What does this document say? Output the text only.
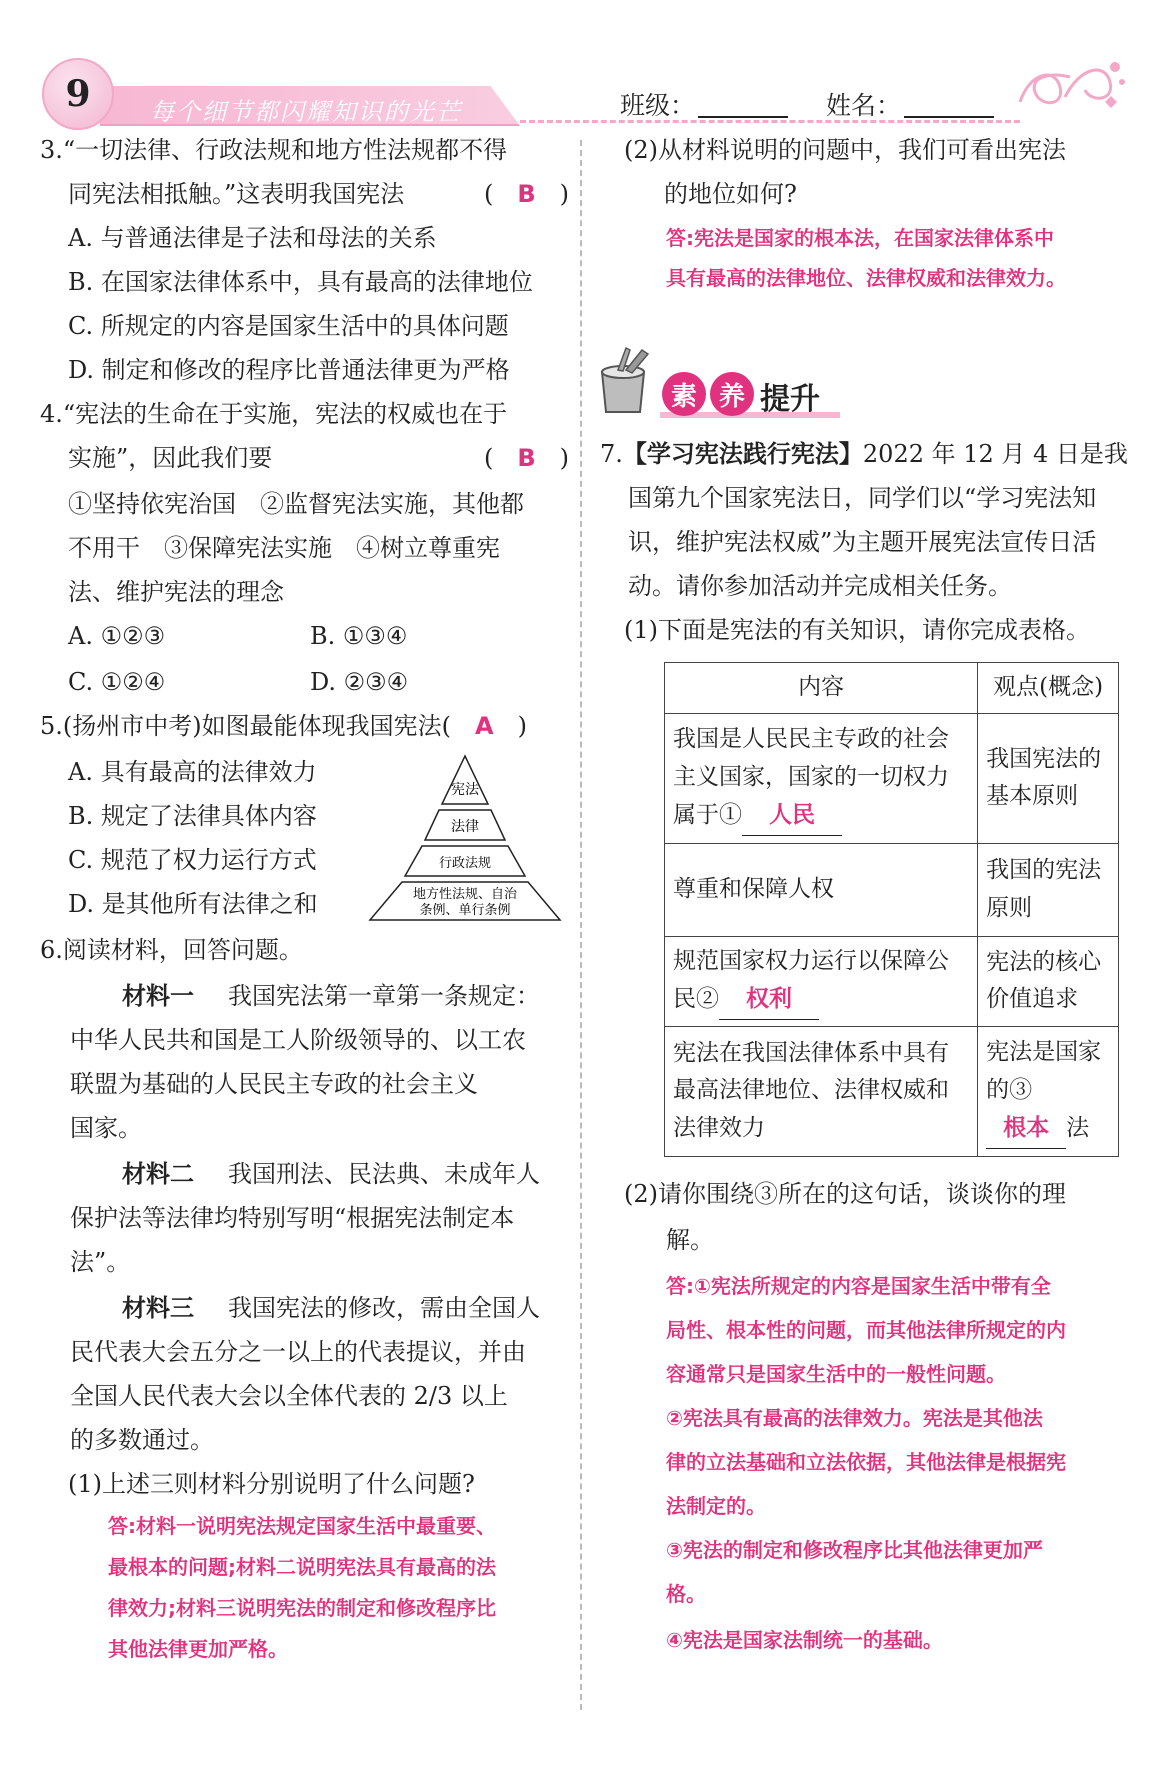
9	每个细节都闪耀知识的光芒	班级：	姓名：
3.“一切法律、行政法规和地方性法规都不得
同宪法相抵触。”这表明我国宪法	(　B　)
A. 与普通法律是子法和母法的关系
B. 在国家法律体系中，具有最高的法律地位
C. 所规定的内容是国家生活中的具体问题
D. 制定和修改的程序比普通法律更为严格
4.“宪法的生命在于实施，宪法的权威也在于
实施”，因此我们要	(　B　)
①坚持依宪治国　②监督宪法实施，其他都
不用干　③保障宪法实施　④树立尊重宪
法、维护宪法的理念
A. ①②③	B. ①③④
C. ①②④	D. ②③④
5.(扬州市中考)如图最能体现我国宪法(　 A　 )
A. 具有最高的法律效力
B. 规定了法律具体内容
C. 规范了权力运行方式
D. 是其他所有法律之和
宪法
法律
行政法规
地方性法规、自治
条例、单行条例
6.阅读材料，回答问题。
材料一 我国宪法第一章第一条规定：
中华人民共和国是工人阶级领导的、以工农
联盟为基础的人民民主专政的社会主义
国家。
材料二 我国刑法、民法典、未成年人
保护法等法律均特别写明“根据宪法制定本
法”。
材料三 我国宪法的修改，需由全国人
民代表大会五分之一以上的代表提议，并由
全国人民代表大会以全体代表的 2/3 以上
的多数通过。
(1)上述三则材料分别说明了什么问题?
答:材料一说明宪法规定国家生活中最重要、
最根本的问题;材料二说明宪法具有最高的法
律效力;材料三说明宪法的制定和修改程序比
其他法律更加严格。
(2)从材料说明的问题中，我们可看出宪法
的地位如何?
答:宪法是国家的根本法，在国家法律体系中
具有最高的法律地位、法律权威和法律效力。
素 养 提升
7.【学习宪法践行宪法】2022 年 12 月 4 日是我
国第九个国家宪法日，同学们以“学习宪法知
识，维护宪法权威”为主题开展宪法宣传日活
动。请你参加活动并完成相关任务。
(1)下面是宪法的有关知识，请你完成表格。
内容	观点(概念)
我国是人民民主专政的社会主义国家，国家的一切权力属于① 人民	我国宪法的基本原则
尊重和保障人权	我国的宪法原则
规范国家权力运行以保障公民② 权利	宪法的核心价值追求
宪法在我国法律体系中具有最高法律地位、法律权威和法律效力	宪法是国家的③根本 法
(2)请你围绕③所在的这句话，谈谈你的理
解。
答:①宪法所规定的内容是国家生活中带有全
局性、根本性的问题，而其他法律所规定的内
容通常只是国家生活中的一般性问题。
②宪法具有最高的法律效力。宪法是其他法
律的立法基础和立法依据，其他法律是根据宪
法制定的。
③宪法的制定和修改程序比其他法律更加严
格。
④宪法是国家法制统一的基础。
